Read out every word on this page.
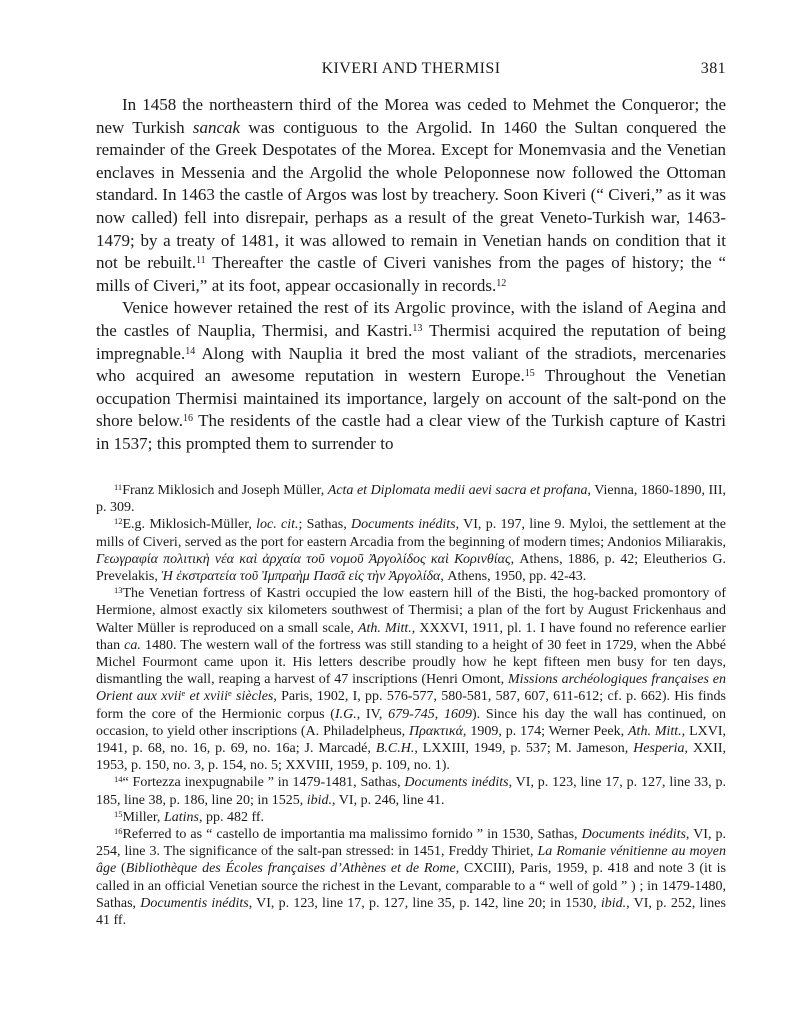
KIVERI AND THERMISI	381

In 1458 the northeastern third of the Morea was ceded to Mehmet the Conqueror; the new Turkish sancak was contiguous to the Argolid. In 1460 the Sultan conquered the remainder of the Greek Despotates of the Morea. Except for Monemvasia and the Venetian enclaves in Messenia and the Argolid the whole Peloponnese now followed the Ottoman standard. In 1463 the castle of Argos was lost by treachery. Soon Kiveri (“ Civeri,” as it was now called) fell into disrepair, perhaps as a result of the great Veneto-Turkish war, 1463-1479; by a treaty of 1481, it was allowed to remain in Venetian hands on condition that it not be rebuilt.$^{11}$ Thereafter the castle of Civeri vanishes from the pages of history; the “ mills of Civeri,” at its foot, appear occasionally in records.$^{12}$

Venice however retained the rest of its Argolic province, with the island of Aegina and the castles of Nauplia, Thermisi, and Kastri.$^{13}$ Thermisi acquired the reputation of being impregnable.$^{14}$ Along with Nauplia it bred the most valiant of the stradiots, mercenaries who acquired an awesome reputation in western Europe.$^{15}$ Throughout the Venetian occupation Thermisi maintained its importance, largely on account of the salt-pond on the shore below.$^{16}$ The residents of the castle had a clear view of the Turkish capture of Kastri in 1537; this prompted them to surrender to

$^{11}$Franz Miklosich and Joseph Müller, Acta et Diplomata medii aevi sacra et profana, Vienna, 1860-1890, III, p. 309.

$^{12}$E.g. Miklosich-Müller, loc. cit.; Sathas, Documents inédits, VI, p. 197, line 9. Myloi, the settlement at the mills of Civeri, served as the port for eastern Arcadia from the beginning of modern times; Andonios Miliarakis, Γεωγραφία πολιτικὴ νέα καὶ ἀρχαία τοῦ νομοῦ Ἀργολίδος καὶ Κορινθίας, Athens, 1886, p. 42; Eleutherios G. Prevelakis, Ἡ ἐκστρατεία τοῦ Ἰμπραὴμ Πασᾶ εἰς τὴν Ἀργολίδα, Athens, 1950, pp. 42-43.

$^{13}$The Venetian fortress of Kastri occupied the low eastern hill of the Bisti, the hog-backed promontory of Hermione, almost exactly six kilometers southwest of Thermisi; a plan of the fort by August Frickenhaus and Walter Müller is reproduced on a small scale, Ath. Mitt., XXXVI, 1911, pl. 1. I have found no reference earlier than ca. 1480. The western wall of the fortress was still standing to a height of 30 feet in 1729, when the Abbé Michel Fourmont came upon it. His letters describe proudly how he kept fifteen men busy for ten days, dismantling the wall, reaping a harvest of 47 inscriptions (Henri Omont, Missions archéologiques françaises en Orient aux xvii$^e$ et xviii$^e$ siècles, Paris, 1902, I, pp. 576-577, 580-581, 587, 607, 611-612; cf. p. 662). His finds form the core of the Hermionic corpus (I.G., IV, 679-745, 1609). Since his day the wall has continued, on occasion, to yield other inscriptions (A. Philadelpheus, Πρακτικά, 1909, p. 174; Werner Peek, Ath. Mitt., LXVI, 1941, p. 68, no. 16, p. 69, no. 16a; J. Marcadé, B.C.H., LXXIII, 1949, p. 537; M. Jameson, Hesperia, XXII, 1953, p. 150, no. 3, p. 154, no. 5; XXVIII, 1959, p. 109, no. 1).

$^{14}$“ Fortezza inexpugnabile ” in 1479-1481, Sathas, Documents inédits, VI, p. 123, line 17, p. 127, line 33, p. 185, line 38, p. 186, line 20; in 1525, ibid., VI, p. 246, line 41.

$^{15}$Miller, Latins, pp. 482 ff.

$^{16}$Referred to as “ castello de importantia ma malissimo fornido ” in 1530, Sathas, Documents inédits, VI, p. 254, line 3. The significance of the salt-pan stressed: in 1451, Freddy Thiriet, La Romanie vénitienne au moyen âge (Bibliothèque des Écoles françaises d’Athènes et de Rome, CXCIII), Paris, 1959, p. 418 and note 3 (it is called in an official Venetian source the richest in the Levant, comparable to a “ well of gold ” ) ; in 1479-1480, Sathas, Documentis inédits, VI, p. 123, line 17, p. 127, line 35, p. 142, line 20; in 1530, ibid., VI, p. 252, lines 41 ff.
